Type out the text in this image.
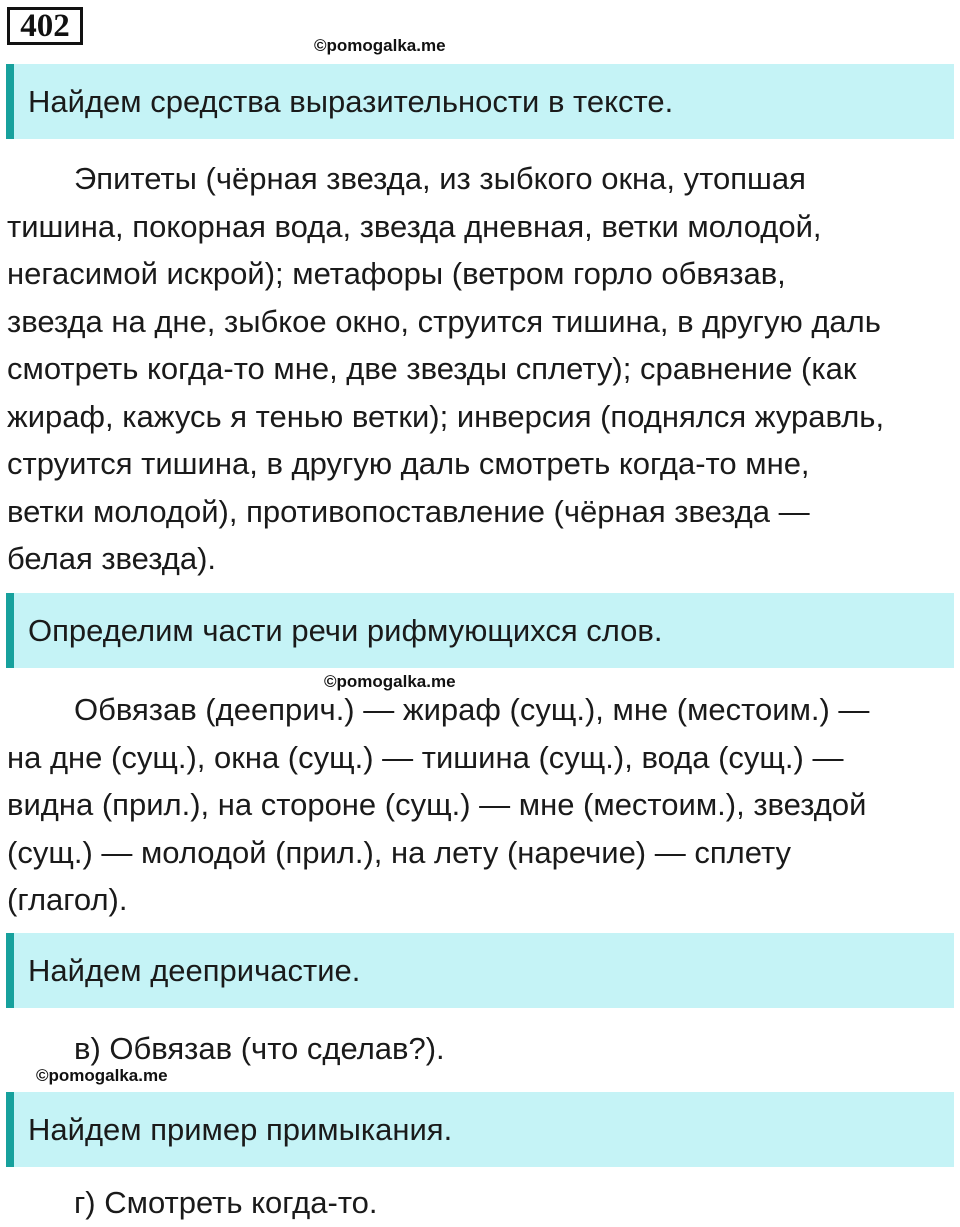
402
©pomogalka.me
Найдем средства выразительности в тексте.
Эпитеты (чёрная звезда, из зыбкого окна, утопшая
тишина, покорная вода, звезда дневная, ветки молодой,
негасимой искрой); метафоры (ветром горло обвязав,
звезда на дне, зыбкое окно, струится тишина, в другую даль
смотреть когда-то мне, две звезды сплету); сравнение (как
жираф, кажусь я тенью ветки); инверсия (поднялся журавль,
струится тишина, в другую даль смотреть когда-то мне,
ветки молодой), противопоставление (чёрная звезда —
белая звезда).
Определим части речи рифмующихся слов.
©pomogalka.me
Обвязав (дееприч.) — жираф (сущ.), мне (местоим.) —
на дне (сущ.), окна (сущ.) — тишина (сущ.), вода (сущ.) —
видна (прил.), на стороне (сущ.) — мне (местоим.), звездой
(сущ.) — молодой (прил.), на лету (наречие) — сплету
(глагол).
Найдем деепричастие.
в) Обвязав (что сделав?).
©pomogalka.me
Найдем пример примыкания.
г) Смотреть когда-то.
